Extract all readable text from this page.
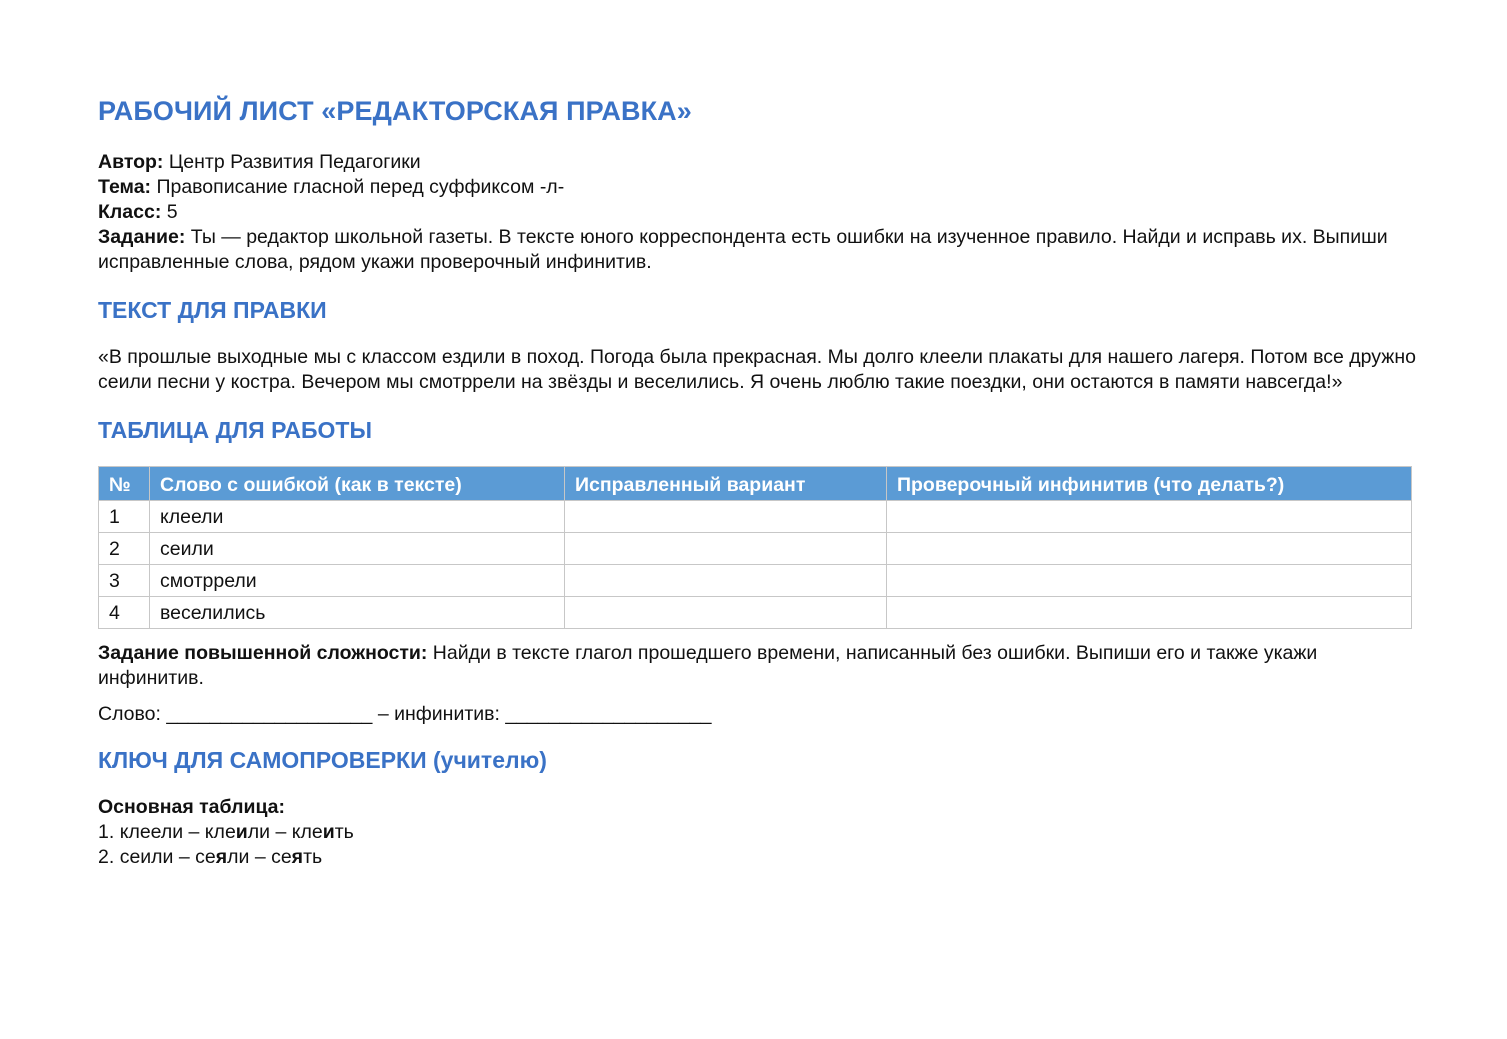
РАБОЧИЙ ЛИСТ «РЕДАКТОРСКАЯ ПРАВКА»
Автор: Центр Развития Педагогики
Тема: Правописание гласной перед суффиксом -л-
Класс: 5
Задание: Ты — редактор школьной газеты. В тексте юного корреспондента есть ошибки на изученное правило. Найди и исправь их. Выпиши исправленные слова, рядом укажи проверочный инфинитив.
ТЕКСТ ДЛЯ ПРАВКИ
«В прошлые выходные мы с классом ездили в поход. Погода была прекрасная. Мы долго клеели плакаты для нашего лагеря. Потом все дружно сеили песни у костра. Вечером мы смотррели на звёзды и веселились. Я очень люблю такие поездки, они остаются в памяти навсегда!»
ТАБЛИЦА ДЛЯ РАБОТЫ
№	Слово с ошибкой (как в тексте)	Исправленный вариант	Проверочный инфинитив (что делать?)
1	клеели		
2	сеили		
3	смотррели		
4	веселились		
Задание повышенной сложности: Найди в тексте глагол прошедшего времени, написанный без ошибки. Выпиши его и также укажи инфинитив.
Слово: ___________________ – инфинитив: ___________________
КЛЮЧ ДЛЯ САМОПРОВЕРКИ (учителю)
Основная таблица:
1. клеели – клеили – клеить
2. сеили – сеяли – сеять
